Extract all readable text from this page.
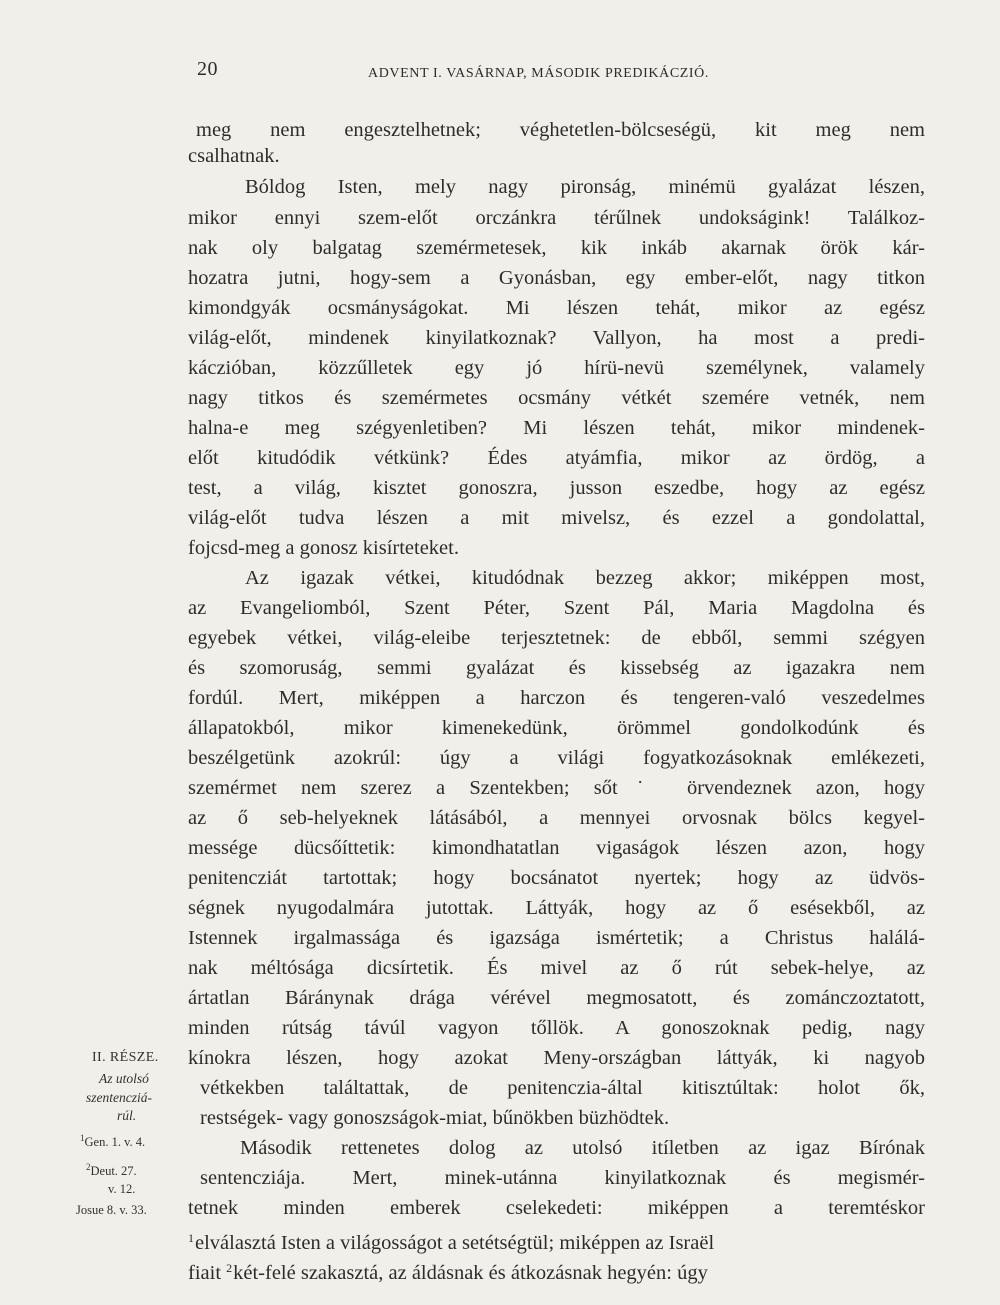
20	ADVENT I. VASÁRNAP, MÁSODIK PREDIKÁCZIÓ.
meg nem engesztelhetnek; véghetetlen-bölcseségü, kit meg nem
csalhatnak.
Bóldog Isten, mely nagy pironság, minémü gyalázat lészen,
mikor ennyi szem-előt orczánkra térűlnek undokságink! Találkoz-
nak oly balgatag szemérmetesek, kik inkáb akarnak örök kár-
hozatra jutni, hogy-sem a Gyonásban, egy ember-előt, nagy titkon
kimondgyák ocsmányságokat. Mi lészen tehát, mikor az egész
világ-előt, mindenek kinyilatkoznak? Vallyon, ha most a predi-
káczióban, közzűlletek egy jó hírü-nevü személynek, valamely
nagy titkos és szemérmetes ocsmány vétkét szemére vetnék, nem
halna-e meg szégyenletiben? Mi lészen tehát, mikor mindenek-
előt kitudódik vétkünk? Édes atyámfia, mikor az ördög, a
test, a világ, kisztet gonoszra, jusson eszedbe, hogy az egész
világ-előt tudva lészen a mit mivelsz, és ezzel a gondolattal,
fojcsd-meg a gonosz kisírteteket.
Az igazak vétkei, kitudódnak bezzeg akkor; miképpen most,
az Evangeliomból, Szent Péter, Szent Pál, Maria Magdolna és
egyebek vétkei, világ-eleibe terjesztetnek: de ebből, semmi szégyen
és szomoruság, semmi gyalázat és kissebség az igazakra nem
fordúl. Mert, miképpen a harczon és tengeren-való veszedelmes
állapatokból, mikor kimenekedünk, örömmel gondolkodúnk és
beszélgetünk azokrúl: úgy a világi fogyatkozásoknak emlékezeti,
szemérmet nem szerez a Szentekben; sőt˙ örvendeznek azon, hogy
az ő seb-helyeknek látásából, a mennyei orvosnak bölcs kegyel-
messége dücsőíttetik: kimondhatatlan vigaságok lészen azon, hogy
penitencziát tartottak; hogy bocsánatot nyertek; hogy az üdvös-
ségnek nyugodalmára jutottak. Láttyák, hogy az ő esésekből, az
Istennek irgalmassága és igazsága ismértetik; a Christus halálá-
nak méltósága dicsírtetik. És mivel az ő rút sebek-helye, az
ártatlan Báránynak drága vérével megmosatott, és zománczoztatott,
minden rútság távúl vagyon tőllök. A gonoszoknak pedig, nagy
kínokra lészen, hogy azokat Meny-országban láttyák, ki nagyob
vétkekben találtattak, de penitenczia-által kitisztúltak: holot ők,
restségek- vagy gonoszságok-miat, bűnökben büzhödtek.
Második rettenetes dolog az utolsó itíletben az igaz Bírónak
sentencziája. Mert, minek-utánna kinyilatkoznak és megismér-
tetnek minden emberek cselekedeti: miképpen a teremtéskor
$^1$elválasztá Isten a világosságot a setétségtül; miképpen az Israël
fiait $^2$két-felé szakasztá, az áldásnak és átkozásnak hegyén: úgy
II. RÉSZE.
Az utolsó
szentencziá-
rúl.
$^1$Gen. 1. v. 4.
$^2$Deut. 27.
v. 12.
Josue 8. v. 33.
